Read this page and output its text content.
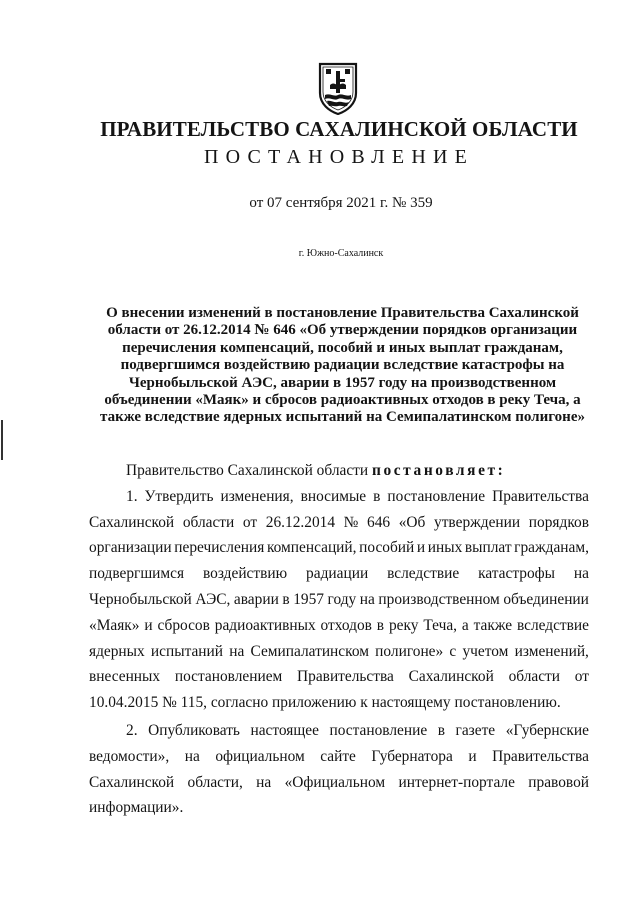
ПРАВИТЕЛЬСТВО САХАЛИНСКОЙ ОБЛАСТИ
ПОСТАНОВЛЕНИЕ
от 07 сентября 2021 г. № 359
г. Южно-Сахалинск
О внесении изменений в постановление Правительства Сахалинской
области от 26.12.2014 № 646 «Об утверждении порядков организации
перечисления компенсаций, пособий и иных выплат гражданам,
подвергшимся воздействию радиации вследствие катастрофы на
Чернобыльской АЭС, аварии в 1957 году на производственном
объединении «Маяк» и сбросов радиоактивных отходов в реку Теча, а
также вследствие ядерных испытаний на Семипалатинском полигоне»
Правительство Сахалинской области постановляет:
1. Утвердить изменения, вносимые в постановление Правительства
Сахалинской области от 26.12.2014 № 646 «Об утверждении порядков
организации перечисления компенсаций, пособий и иных выплат гражданам,
подвергшимся воздействию радиации вследствие катастрофы на
Чернобыльской АЭС, аварии в 1957 году на производственном объединении
«Маяк» и сбросов радиоактивных отходов в реку Теча, а также вследствие
ядерных испытаний на Семипалатинском полигоне» с учетом изменений,
внесенных постановлением Правительства Сахалинской области от
10.04.2015 № 115, согласно приложению к настоящему постановлению.
2. Опубликовать настоящее постановление в газете «Губернские
ведомости», на официальном сайте Губернатора и Правительства
Сахалинской области, на «Официальном интернет-портале правовой
информации».
